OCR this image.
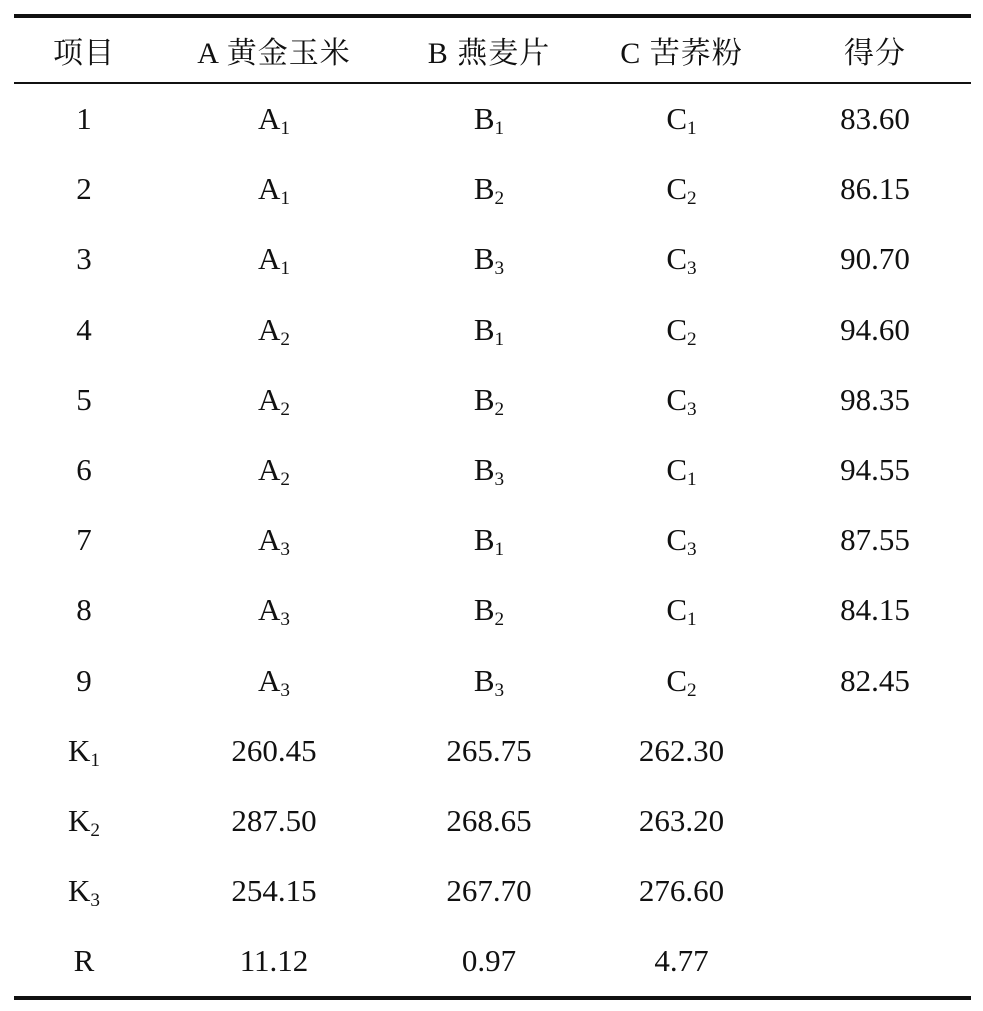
项目	A 黄金玉米	B 燕麦片	C 苦荞粉	得分
1	$A_1$	$B_1$	$C_1$	83.60
2	$A_1$	$B_2$	$C_2$	86.15
3	$A_1$	$B_3$	$C_3$	90.70
4	$A_2$	$B_1$	$C_2$	94.60
5	$A_2$	$B_2$	$C_3$	98.35
6	$A_2$	$B_3$	$C_1$	94.55
7	$A_3$	$B_1$	$C_3$	87.55
8	$A_3$	$B_2$	$C_1$	84.15
9	$A_3$	$B_3$	$C_2$	82.45
$K_1$	260.45	265.75	262.30	
$K_2$	287.50	268.65	263.20	
$K_3$	254.15	267.70	276.60	
R	11.12	0.97	4.77	
